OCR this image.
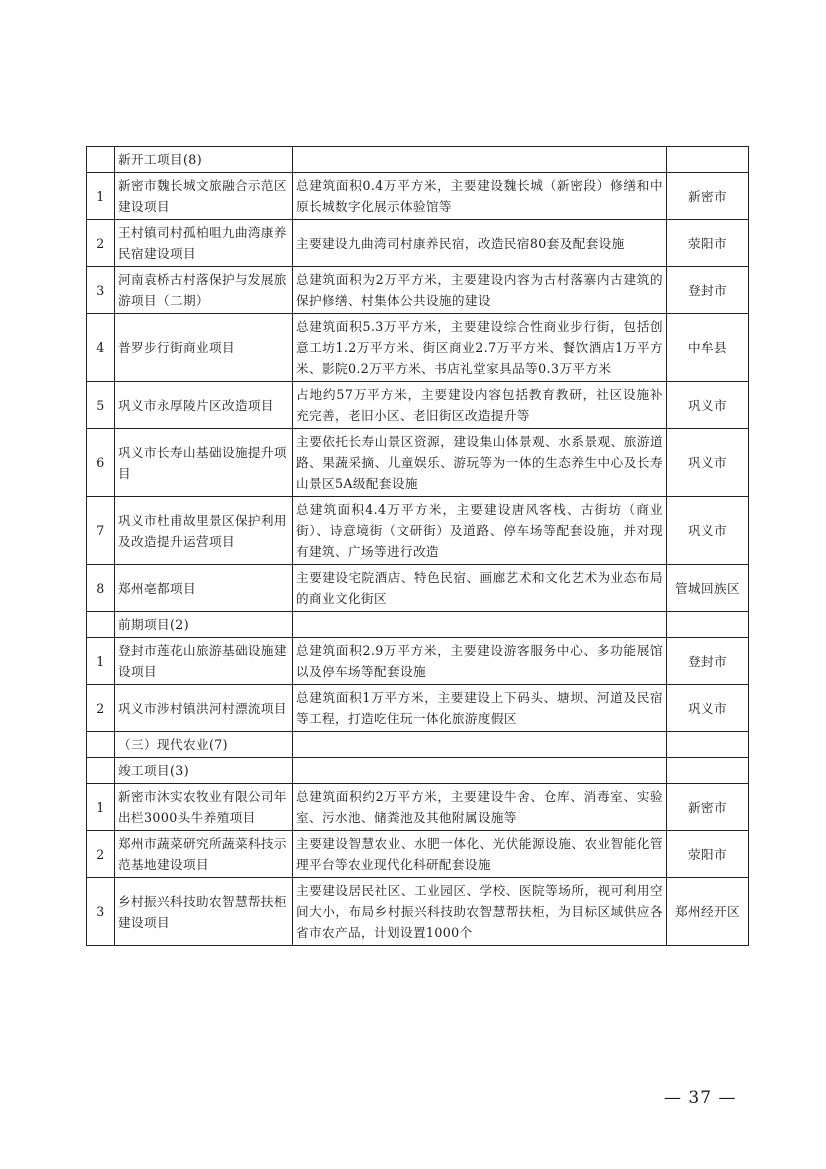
	新开工项目(8)		
1	新密市魏长城文旅融合示范区建设项目	总建筑面积0.4万平方米，主要建设魏长城（新密段）修缮和中原长城数字化展示体验馆等	新密市
2	王村镇司村孤柏咀九曲湾康养民宿建设项目	主要建设九曲湾司村康养民宿，改造民宿80套及配套设施	荥阳市
3	河南袁桥古村落保护与发展旅游项目（二期）	总建筑面积为2万平方米，主要建设内容为古村落寨内古建筑的保护修缮、村集体公共设施的建设	登封市
4	普罗步行街商业项目	总建筑面积5.3万平方米，主要建设综合性商业步行街，包括创意工坊1.2万平方米、街区商业2.7万平方米、餐饮酒店1万平方米、影院0.2万平方米、书店礼堂家具品等0.3万平方米	中牟县
5	巩义市永厚陵片区改造项目	占地约57万平方米，主要建设内容包括教育教研，社区设施补充完善，老旧小区、老旧街区改造提升等	巩义市
6	巩义市长寿山基础设施提升项目	主要依托长寿山景区资源，建设集山体景观、水系景观、旅游道路、果蔬采摘、儿童娱乐、游玩等为一体的生态养生中心及长寿山景区5A级配套设施	巩义市
7	巩义市杜甫故里景区保护利用及改造提升运营项目	总建筑面积4.4万平方米，主要建设唐风客栈、古街坊（商业街）、诗意境街（文研街）及道路、停车场等配套设施，并对现有建筑、广场等进行改造	巩义市
8	郑州亳都项目	主要建设宅院酒店、特色民宿、画廊艺术和文化艺术为业态布局的商业文化街区	管城回族区
	前期项目(2)		
1	登封市莲花山旅游基础设施建设项目	总建筑面积2.9万平方米，主要建设游客服务中心、多功能展馆以及停车场等配套设施	登封市
2	巩义市涉村镇洪河村漂流项目	总建筑面积1万平方米，主要建设上下码头、塘坝、河道及民宿等工程，打造吃住玩一体化旅游度假区	巩义市
	（三）现代农业(7)		
	竣工项目(3)		
1	新密市沐实农牧业有限公司年出栏3000头牛养殖项目	总建筑面积约2万平方米，主要建设牛舍、仓库、消毒室、实验室、污水池、储粪池及其他附属设施等	新密市
2	郑州市蔬菜研究所蔬菜科技示范基地建设项目	主要建设智慧农业、水肥一体化、光伏能源设施、农业智能化管理平台等农业现代化科研配套设施	荥阳市
3	乡村振兴科技助农智慧帮扶柜建设项目	主要建设居民社区、工业园区、学校、医院等场所，视可利用空间大小，布局乡村振兴科技助农智慧帮扶柜，为目标区域供应各省市农产品，计划设置1000个	郑州经开区
— 37 —
